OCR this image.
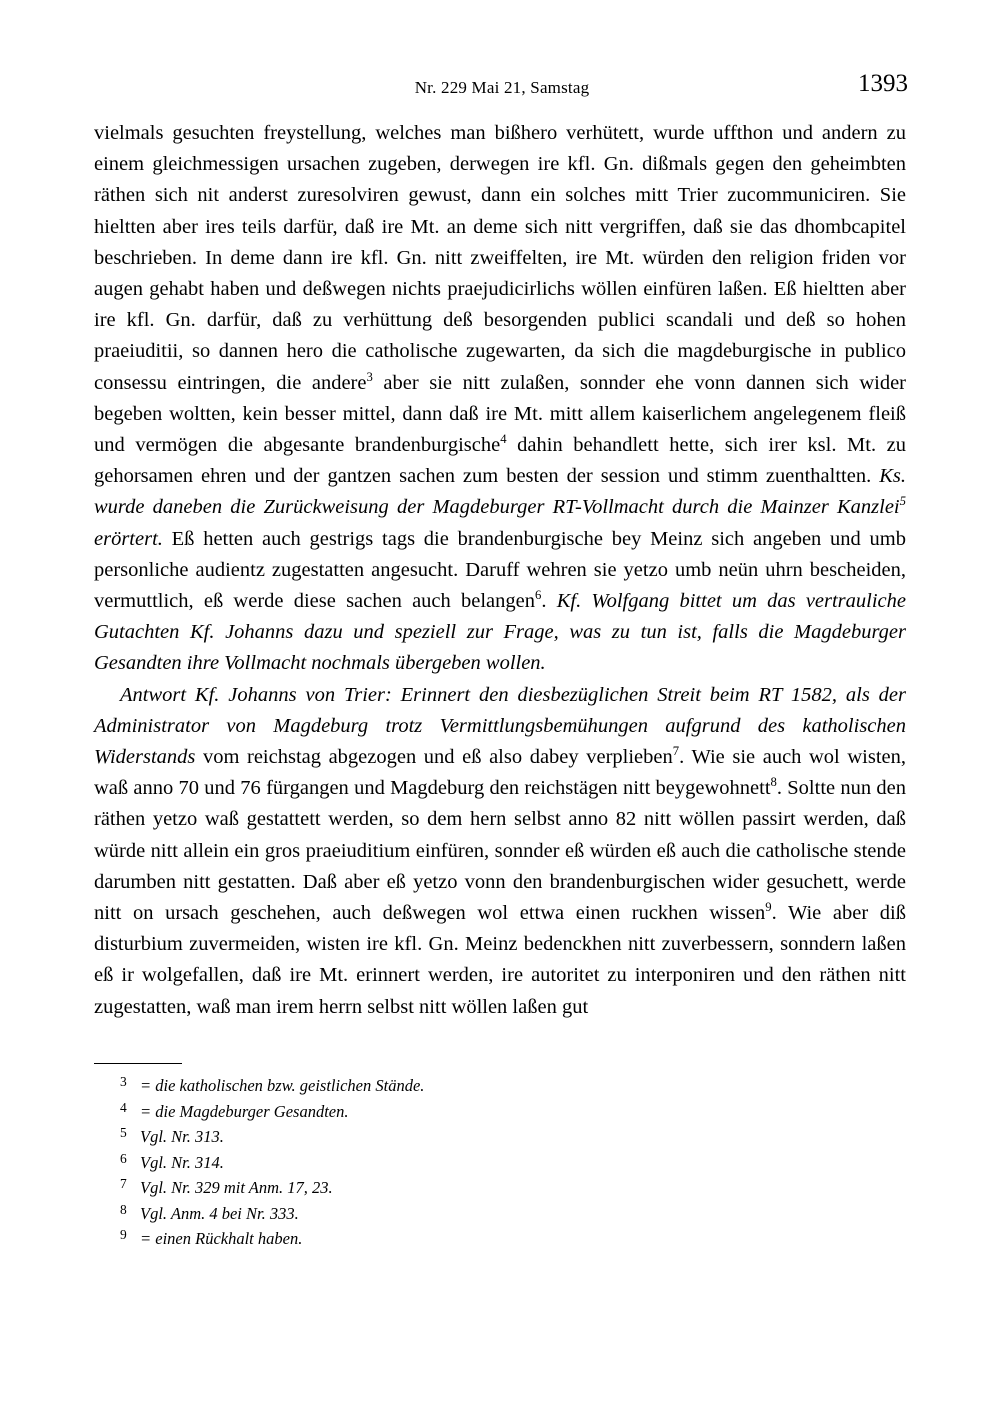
Nr. 229 Mai 21, Samstag	1393

vielmals gesuchten freystellung, welches man bißhero verhütett, wurde uffthon und andern zu einem gleichmessigen ursachen zugeben, derwegen ire kfl. Gn. dißmals gegen den geheimbten räthen sich nit anderst zuresolviren gewust, dann ein solches mitt Trier zucommuniciren. Sie hieltten aber ires teils darfür, daß ire Mt. an deme sich nitt vergriffen, daß sie das dhombcapitel beschrieben. In deme dann ire kfl. Gn. nitt zweiffelten, ire Mt. würden den religion friden vor augen gehabt haben und deßwegen nichts praejudicirlichs wöllen einfüren laßen. Eß hieltten aber ire kfl. Gn. darfür, daß zu verhüttung deß besorgenden publici scandali und deß so hohen praeiuditii, so dannen hero die catholische zugewarten, da sich die magdeburgische in publico consessu eintringen, die andere$^3$ aber sie nitt zulaßen, sonnder ehe vonn dannen sich wider begeben woltten, kein besser mittel, dann daß ire Mt. mitt allem kaiserlichem angelegenem fleiß und vermögen die abgesante brandenburgische$^4$ dahin behandlett hette, sich irer ksl. Mt. zu gehorsamen ehren und der gantzen sachen zum besten der session und stimm zuenthaltten. Ks. wurde daneben die Zurückweisung der Magdeburger RT-Vollmacht durch die Mainzer Kanzlei$^5$ erörtert. Eß hetten auch gestrigs tags die brandenburgische bey Meinz sich angeben und umb personliche audientz zugestatten angesucht. Daruff wehren sie yetzo umb neün uhrn bescheiden, vermuttlich, eß werde diese sachen auch belangen$^6$. Kf. Wolfgang bittet um das vertrauliche Gutachten Kf. Johanns dazu und speziell zur Frage, was zu tun ist, falls die Magdeburger Gesandten ihre Vollmacht nochmals übergeben wollen.

Antwort Kf. Johanns von Trier: Erinnert den diesbezüglichen Streit beim RT 1582, als der Administrator von Magdeburg trotz Vermittlungsbemühungen aufgrund des katholischen Widerstands vom reichstag abgezogen und eß also dabey verplieben$^7$. Wie sie auch wol wisten, waß anno 70 und 76 fürgangen und Magdeburg den reichstägen nitt beygewohnett$^8$. Soltte nun den räthen yetzo waß gestattett werden, so dem hern selbst anno 82 nitt wöllen passirt werden, daß würde nitt allein ein gros praeiuditium einfüren, sonnder eß würden eß auch die catholische stende darumben nitt gestatten. Daß aber eß yetzo vonn den brandenburgischen wider gesuchett, werde nitt on ursach geschehen, auch deßwegen wol ettwa einen ruckhen wissen$^9$. Wie aber diß disturbium zuvermeiden, wisten ire kfl. Gn. Meinz bedenckhen nitt zuverbessern, sonndern laßen eß ir wolgefallen, daß ire Mt. erinnert werden, ire autoritet zu interponiren und den räthen nitt zugestatten, waß man irem herrn selbst nitt wöllen laßen gut

3 = die katholischen bzw. geistlichen Stände.
4 = die Magdeburger Gesandten.
5 Vgl. Nr. 313.
6 Vgl. Nr. 314.
7 Vgl. Nr. 329 mit Anm. 17, 23.
8 Vgl. Anm. 4 bei Nr. 333.
9 = einen Rückhalt haben.
